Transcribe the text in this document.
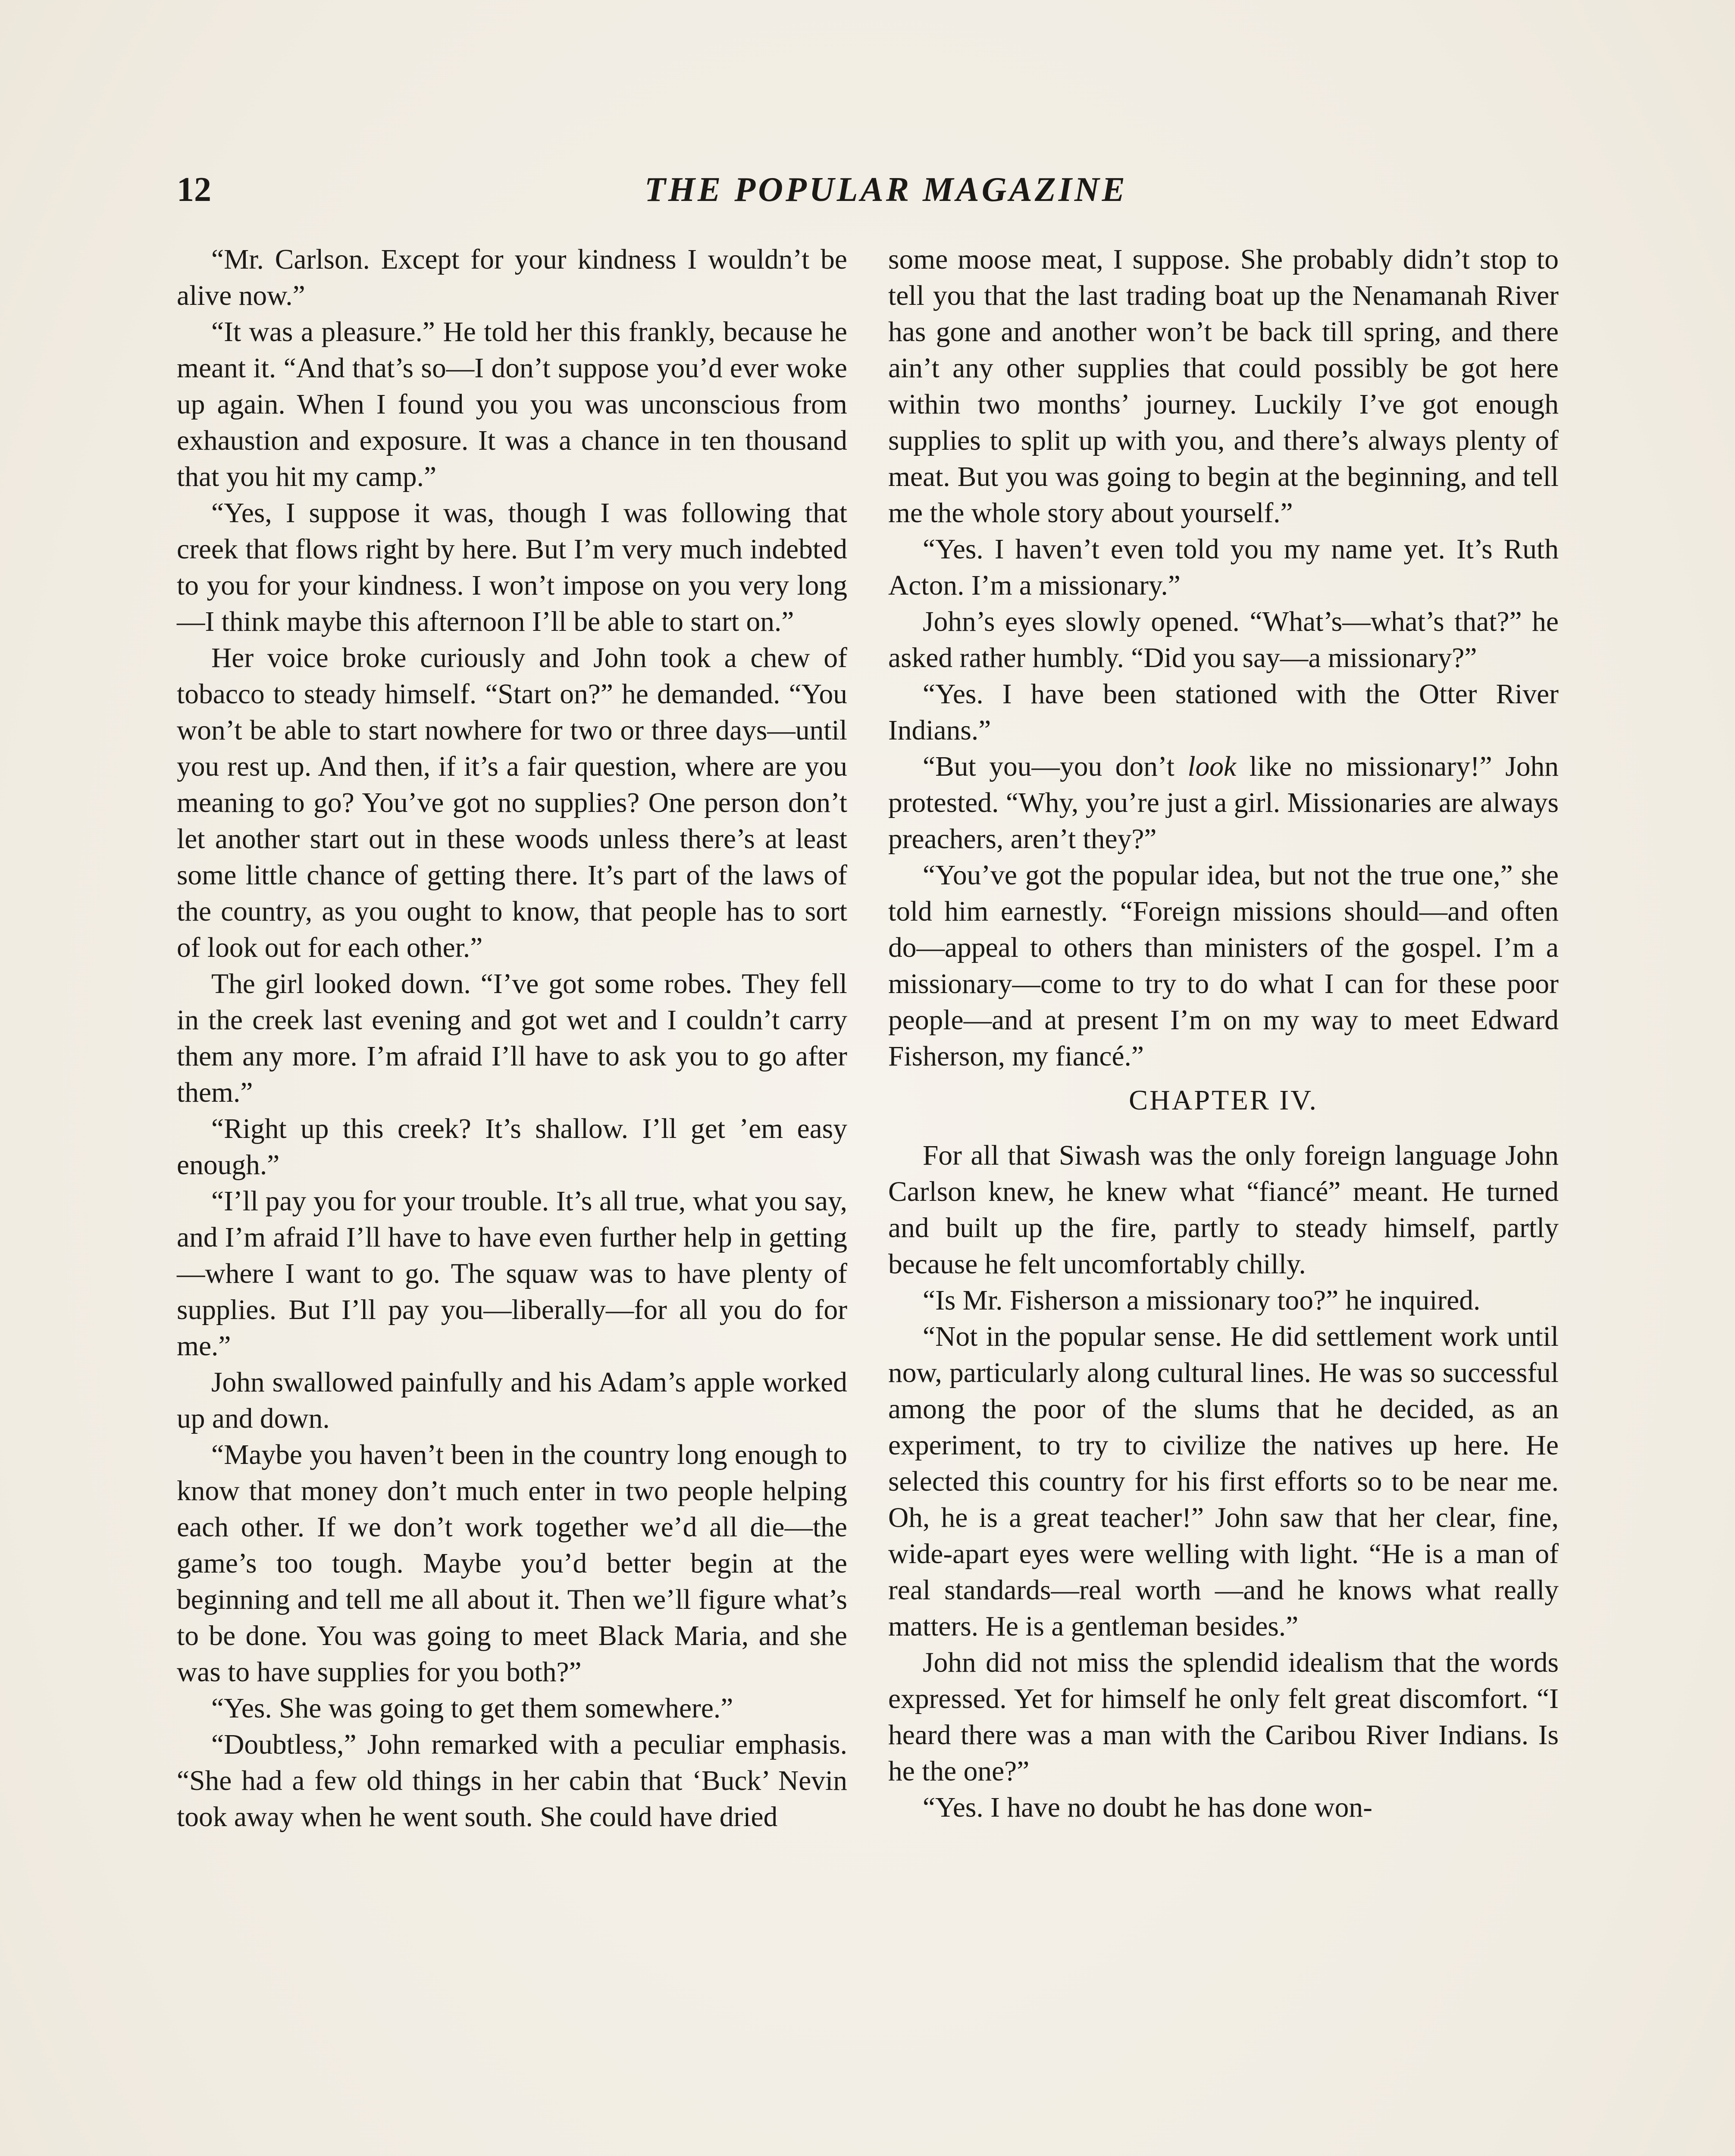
12	THE POPULAR MAGAZINE

“Mr. Carlson. Except for your kindness I wouldn’t be alive now.”

“It was a pleasure.” He told her this frankly, because he meant it. “And that’s so—I don’t suppose you’d ever woke up again. When I found you you was unconscious from exhaustion and exposure. It was a chance in ten thousand that you hit my camp.”

“Yes, I suppose it was, though I was following that creek that flows right by here. But I’m very much indebted to you for your kindness. I won’t impose on you very long —I think maybe this afternoon I’ll be able to start on.”

Her voice broke curiously and John took a chew of tobacco to steady himself. “Start on?” he demanded. “You won’t be able to start nowhere for two or three days—until you rest up. And then, if it’s a fair question, where are you meaning to go? You’ve got no supplies? One person don’t let another start out in these woods unless there’s at least some little chance of getting there. It’s part of the laws of the country, as you ought to know, that people has to sort of look out for each other.”

The girl looked down. “I’ve got some robes. They fell in the creek last evening and got wet and I couldn’t carry them any more. I’m afraid I’ll have to ask you to go after them.”

“Right up this creek? It’s shallow. I’ll get ’em easy enough.”

“I’ll pay you for your trouble. It’s all true, what you say, and I’m afraid I’ll have to have even further help in getting—where I want to go. The squaw was to have plenty of supplies. But I’ll pay you—liberally—for all you do for me.”

John swallowed painfully and his Adam’s apple worked up and down.

“Maybe you haven’t been in the country long enough to know that money don’t much enter in two people helping each other. If we don’t work together we’d all die—the game’s too tough. Maybe you’d better begin at the beginning and tell me all about it. Then we’ll figure what’s to be done. You was going to meet Black Maria, and she was to have supplies for you both?”

“Yes. She was going to get them somewhere.”

“Doubtless,” John remarked with a peculiar emphasis. “She had a few old things in her cabin that ‘Buck’ Nevin took away when he went south. She could have dried

some moose meat, I suppose. She probably didn’t stop to tell you that the last trading boat up the Nenamanah River has gone and another won’t be back till spring, and there ain’t any other supplies that could possibly be got here within two months’ journey. Luckily I’ve got enough supplies to split up with you, and there’s always plenty of meat. But you was going to begin at the beginning, and tell me the whole story about yourself.”

“Yes. I haven’t even told you my name yet. It’s Ruth Acton. I’m a missionary.”

John’s eyes slowly opened. “What’s—what’s that?” he asked rather humbly. “Did you say—a missionary?”

“Yes. I have been stationed with the Otter River Indians.”

“But you—you don’t look like no missionary!” John protested. “Why, you’re just a girl. Missionaries are always preachers, aren’t they?”

“You’ve got the popular idea, but not the true one,” she told him earnestly. “Foreign missions should—and often do—appeal to others than ministers of the gospel. I’m a missionary—come to try to do what I can for these poor people—and at present I’m on my way to meet Edward Fisherson, my fiancé.”

CHAPTER IV.

For all that Siwash was the only foreign language John Carlson knew, he knew what “fiancé” meant. He turned and built up the fire, partly to steady himself, partly because he felt uncomfortably chilly.

“Is Mr. Fisherson a missionary too?” he inquired.

“Not in the popular sense. He did settlement work until now, particularly along cultural lines. He was so successful among the poor of the slums that he decided, as an experiment, to try to civilize the natives up here. He selected this country for his first efforts so to be near me. Oh, he is a great teacher!” John saw that her clear, fine, wide-apart eyes were welling with light. “He is a man of real standards—real worth —and he knows what really matters. He is a gentleman besides.”

John did not miss the splendid idealism that the words expressed. Yet for himself he only felt great discomfort. “I heard there was a man with the Caribou River Indians. Is he the one?”

“Yes. I have no doubt he has done won-
